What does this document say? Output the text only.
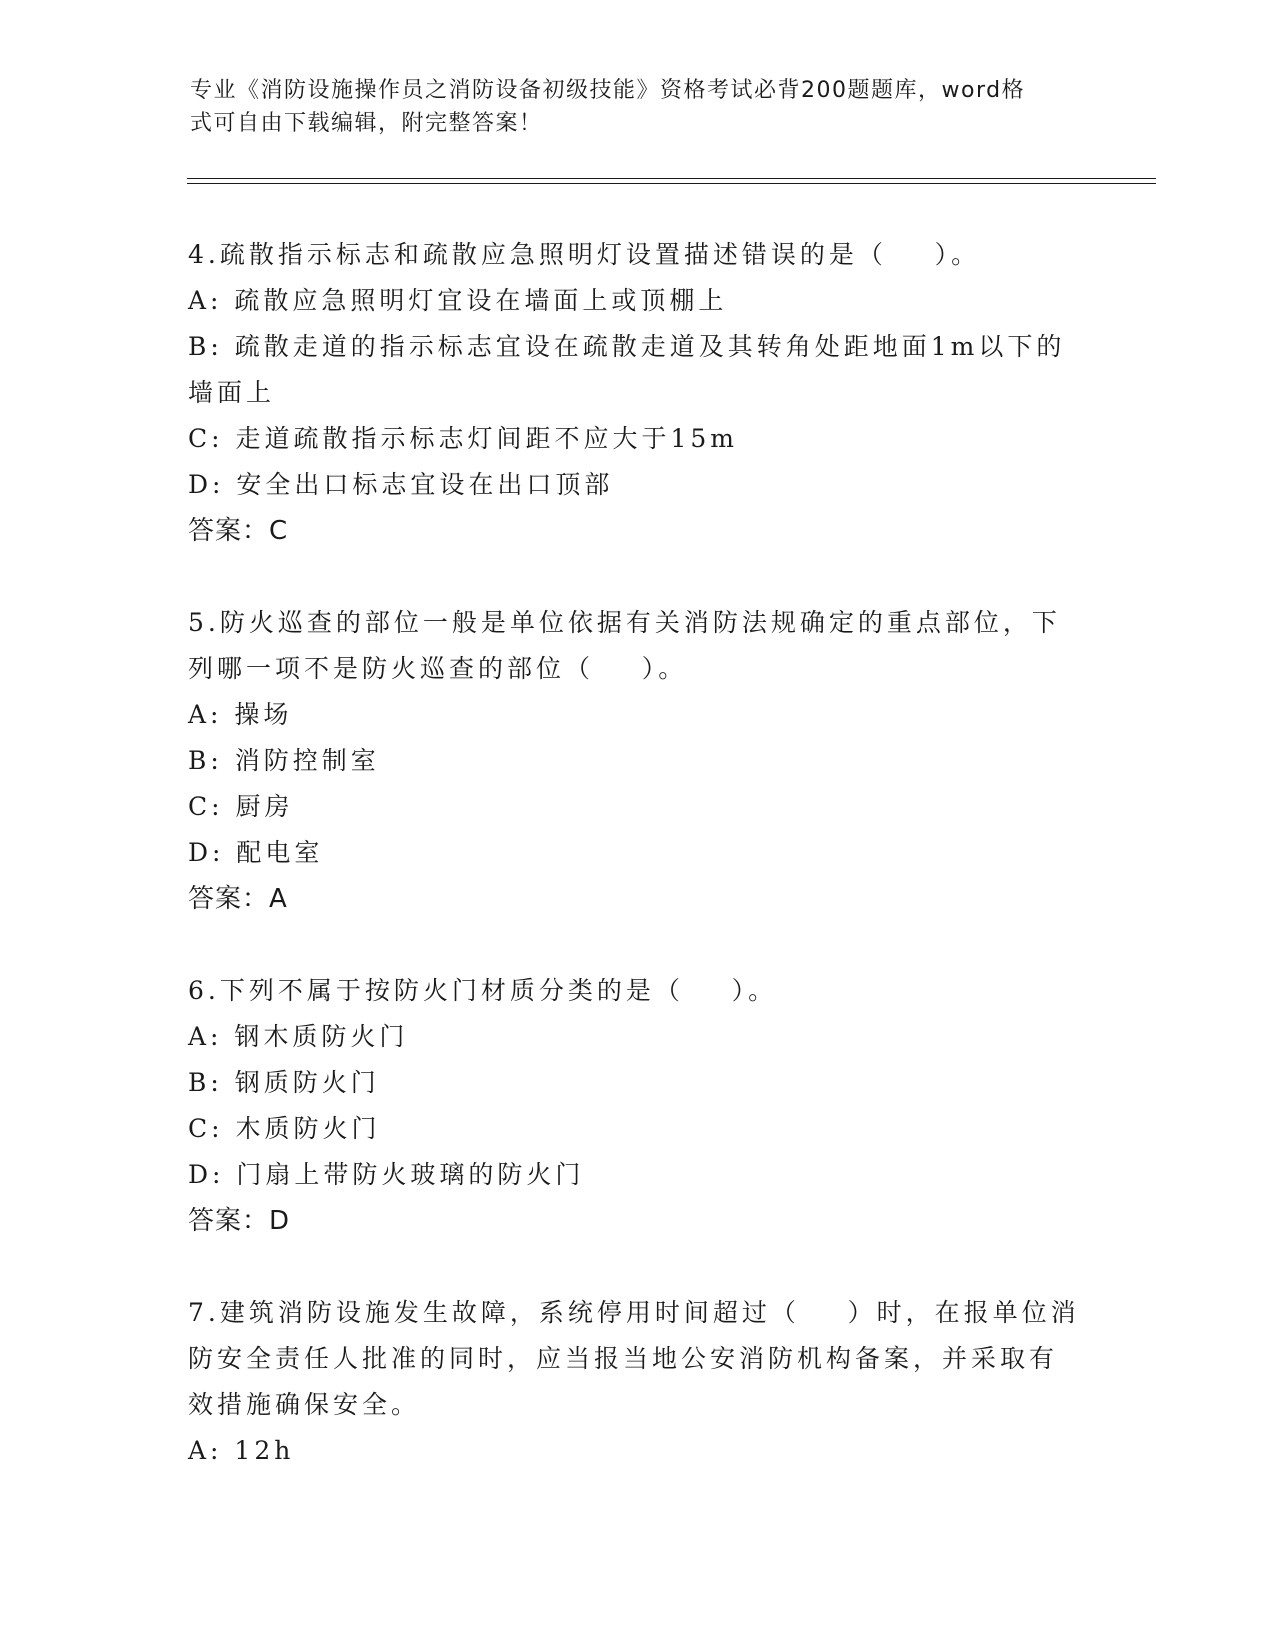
专业《消防设施操作员之消防设备初级技能》资格考试必背200题题库，word格
式可自由下载编辑，附完整答案！
4.疏散指示标志和疏散应急照明灯设置描述错误的是（    ）。
A: 疏散应急照明灯宜设在墙面上或顶棚上
B: 疏散走道的指示标志宜设在疏散走道及其转角处距地面1m以下的
墙面上
C: 走道疏散指示标志灯间距不应大于15m
D: 安全出口标志宜设在出口顶部
答案：C
5.防火巡查的部位一般是单位依据有关消防法规确定的重点部位，下
列哪一项不是防火巡查的部位（    ）。
A: 操场
B: 消防控制室
C: 厨房
D: 配电室
答案：A
6.下列不属于按防火门材质分类的是（    ）。
A: 钢木质防火门
B: 钢质防火门
C: 木质防火门
D: 门扇上带防火玻璃的防火门
答案：D
7.建筑消防设施发生故障，系统停用时间超过（    ）时，在报单位消
防安全责任人批准的同时，应当报当地公安消防机构备案，并采取有
效措施确保安全。
A: 12h
